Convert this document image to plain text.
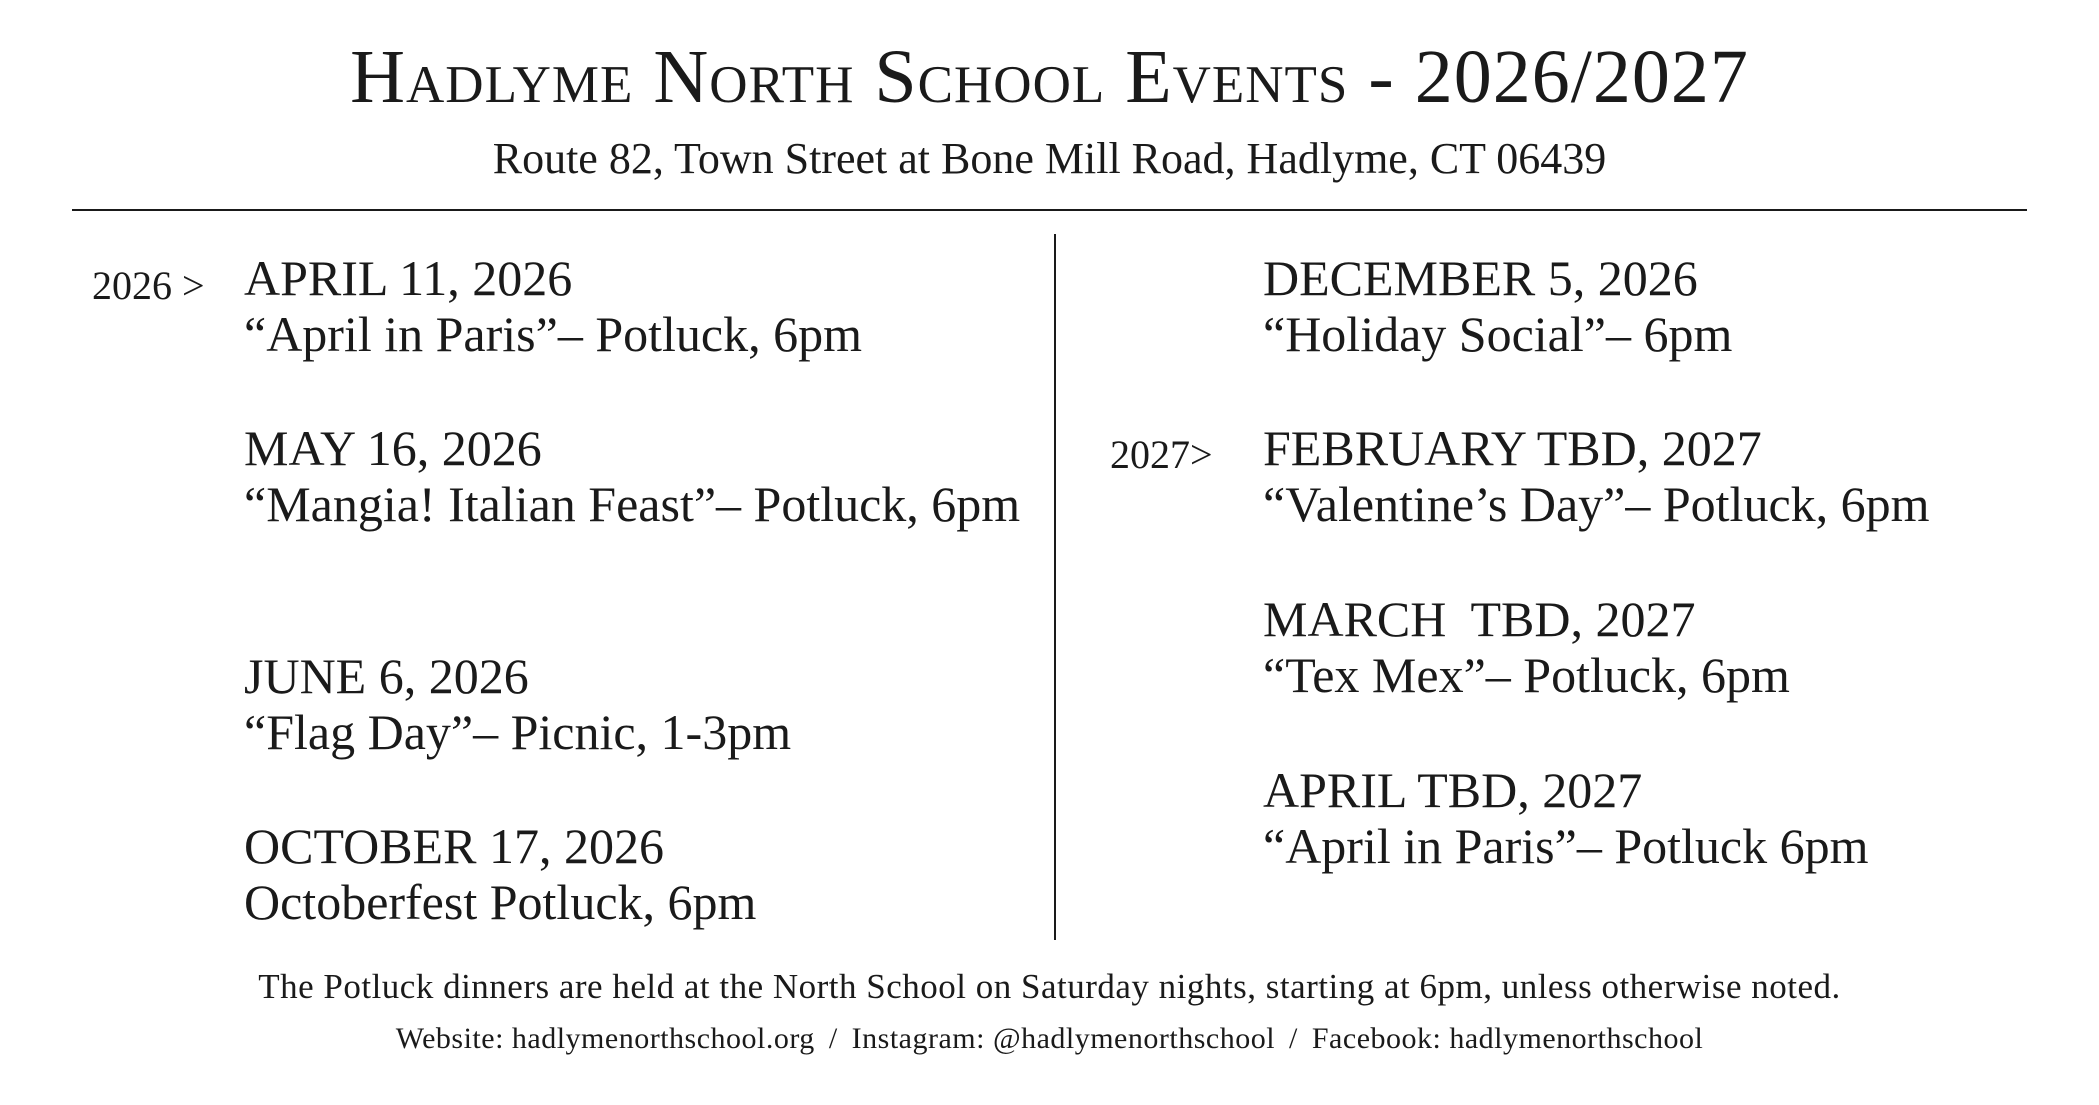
Hadlyme North School Events - 2026/2027
Route 82, Town Street at Bone Mill Road, Hadlyme, CT 06439
2026 >
2027>
APRIL 11, 2026
“April in Paris”– Potluck, 6pm
MAY 16, 2026
“Mangia! Italian Feast”– Potluck, 6pm
JUNE 6, 2026
“Flag Day”– Picnic, 1-3pm
OCTOBER 17, 2026
Octoberfest Potluck, 6pm
DECEMBER 5, 2026
“Holiday Social”– 6pm
FEBRUARY TBD, 2027
“Valentine’s Day”– Potluck, 6pm
MARCH  TBD, 2027
“Tex Mex”– Potluck, 6pm
APRIL TBD, 2027
“April in Paris”– Potluck 6pm
The Potluck dinners are held at the North School on Saturday nights, starting at 6pm, unless otherwise noted.
Website: hadlymenorthschool.org / Instagram: @hadlymenorthschool / Facebook: hadlymenorthschool
